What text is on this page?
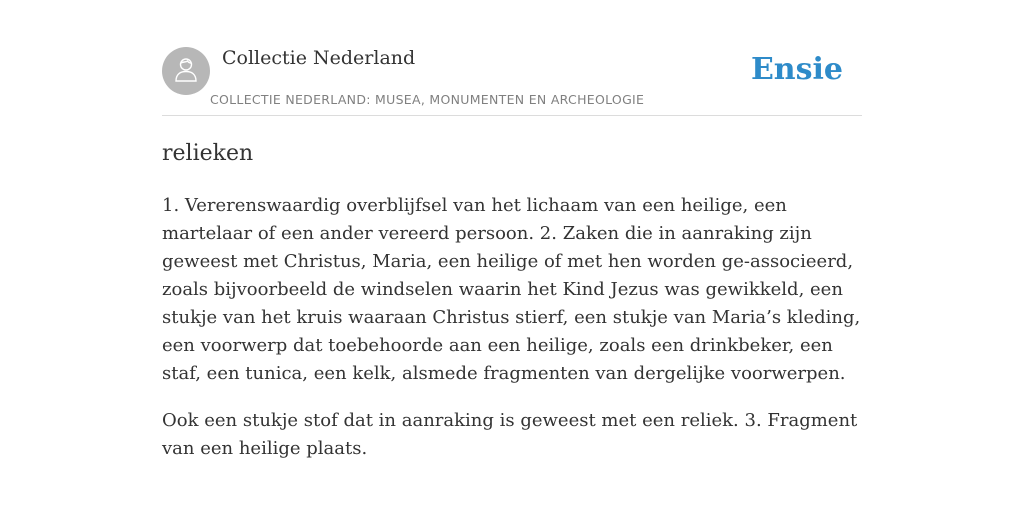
Collectie Nederland
COLLECTIE NEDERLAND: MUSEA, MONUMENTEN EN ARCHEOLOGIE
Ensie
relieken

1. Vererenswaardig overblijfsel van het lichaam van een heilige, een martelaar of een ander vereerd persoon. 2. Zaken die in aanraking zijn geweest met Christus, Maria, een heilige of met hen worden ge-associeerd, zoals bijvoorbeeld de windselen waarin het Kind Jezus was gewikkeld, een stukje van het kruis waaraan Christus stierf, een stukje van Maria’s kleding, een voorwerp dat toebehoorde aan een heilige, zoals een drinkbeker, een staf, een tunica, een kelk, alsmede fragmenten van dergelijke voorwerpen.

Ook een stukje stof dat in aanraking is geweest met een reliek. 3. Fragment van een heilige plaats.
